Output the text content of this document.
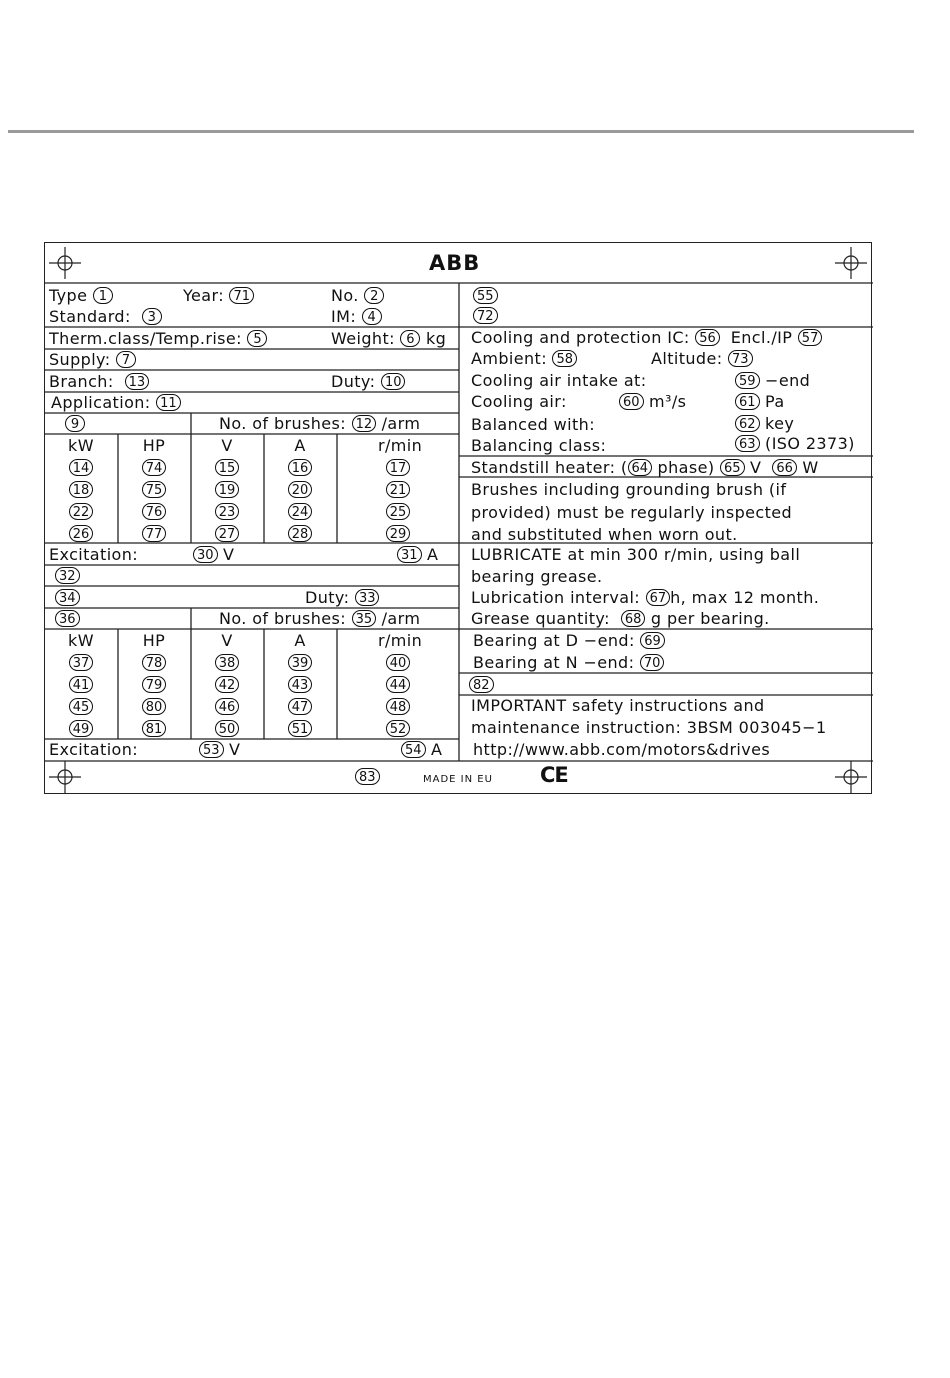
ABB
Type 1	Year: 71	No. 2
Standard: 3	IM: 4
Therm.class/Temp.rise: 5	Weight: 6 kg
Supply: 7
Branch: 13	Duty: 10
Application: 11
9	No. of brushes: 12 /arm
Excitation:	30 V	31 A
32
34	Duty: 33
36	No. of brushes: 35 /arm
Excitation:	53 V	54 A
55
72
Cooling and protection IC: 56 Encl./IP 57
Ambient: 58	Altitude: 73
Cooling air intake at:	59 −end
Cooling air:	60 m³/s	61 Pa
Balanced with:	62 key
Balancing class:	63 (ISO 2373)
Standstill heater: ( 64 phase) 65 V 66 W
Brushes including grounding brush (if
provided) must be regularly inspected
and substituted when worn out.
LUBRICATE at min 300 r/min, using ball
bearing grease.
Lubrication interval: 67 h, max 12 month.
Grease quantity: 68 g per bearing.
Bearing at D −end: 69
Bearing at N −end: 70
82
IMPORTANT safety instructions and
maintenance instruction: 3BSM 003045−1
http://www.abb.com/motors&drives
83	MADE IN EU CE
kW	HP	V	A	r/min
14	74	15	16	17
18	75	19	20	21
22	76	23	24	25
26	77	27	28	29
kW	HP	V	A	r/min
37	78	38	39	40
41	79	42	43	44
45	80	46	47	48
49	81	50	51	52
